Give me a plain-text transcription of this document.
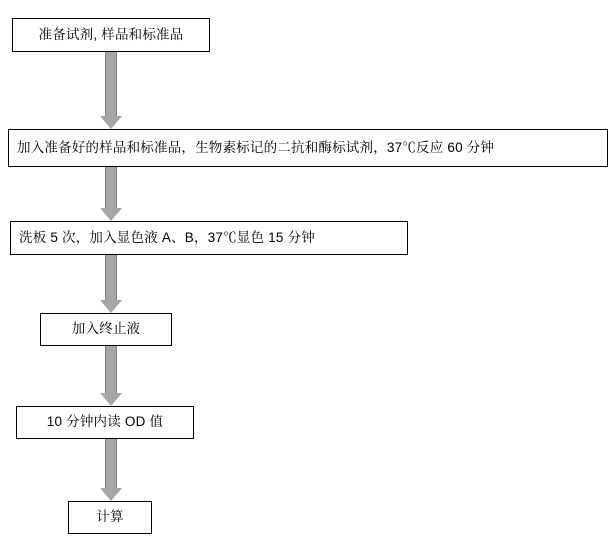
准备试剂, 样品和标准品
加入准备好的样品和标准品，生物素标记的二抗和酶标试剂，37℃反应 60 分钟
洗板 5 次，加入显色液 A、B，37℃显色 15 分钟
加入终止液
10 分钟内读 OD 值
计算
